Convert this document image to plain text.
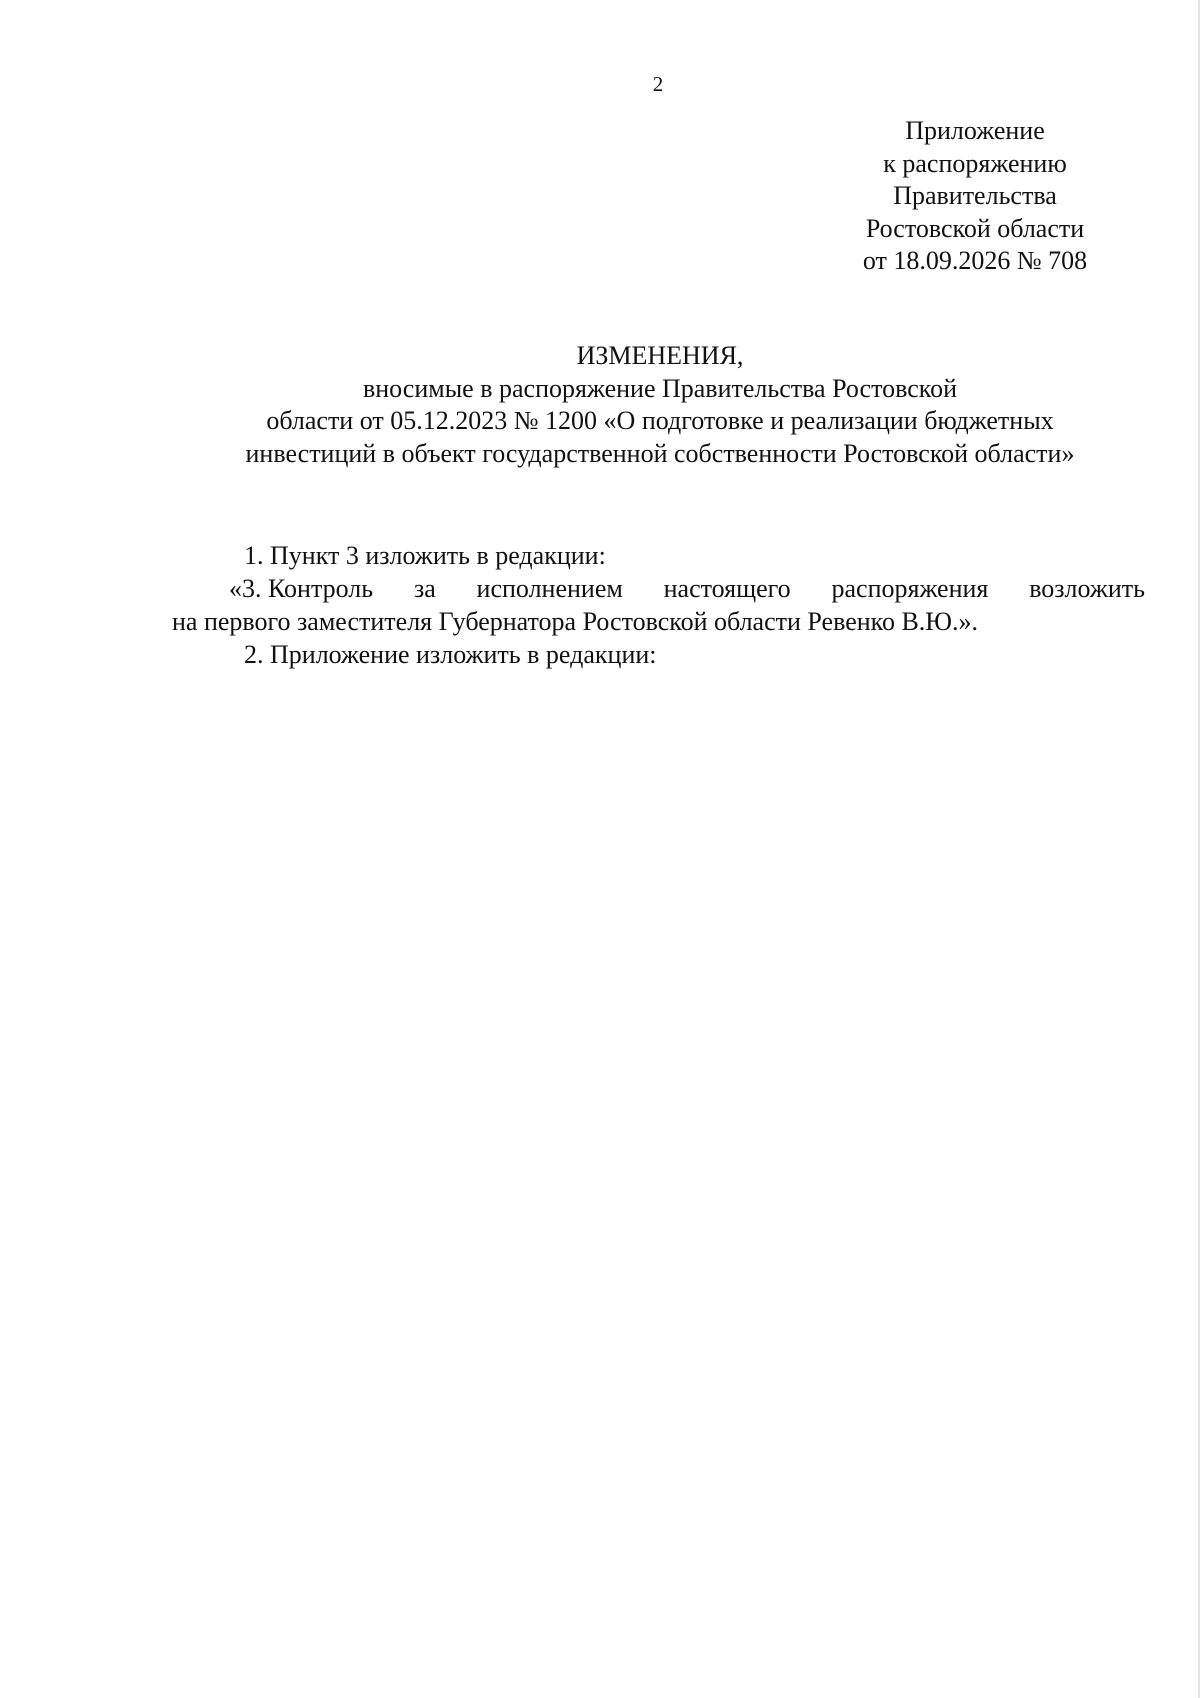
2
Приложение
к распоряжению
Правительства
Ростовской области
от 18.09.2026 № 708
ИЗМЕНЕНИЯ,
вносимые в распоряжение Правительства Ростовской
области от 05.12.2023 № 1200 «О подготовке и реализации бюджетных
инвестиций в объект государственной собственности Ростовской области»
1. Пункт 3 изложить в редакции:
«3. Контроль за исполнением настоящего распоряжения возложить
на первого заместителя Губернатора Ростовской области Ревенко В.Ю.».
2. Приложение изложить в редакции:
